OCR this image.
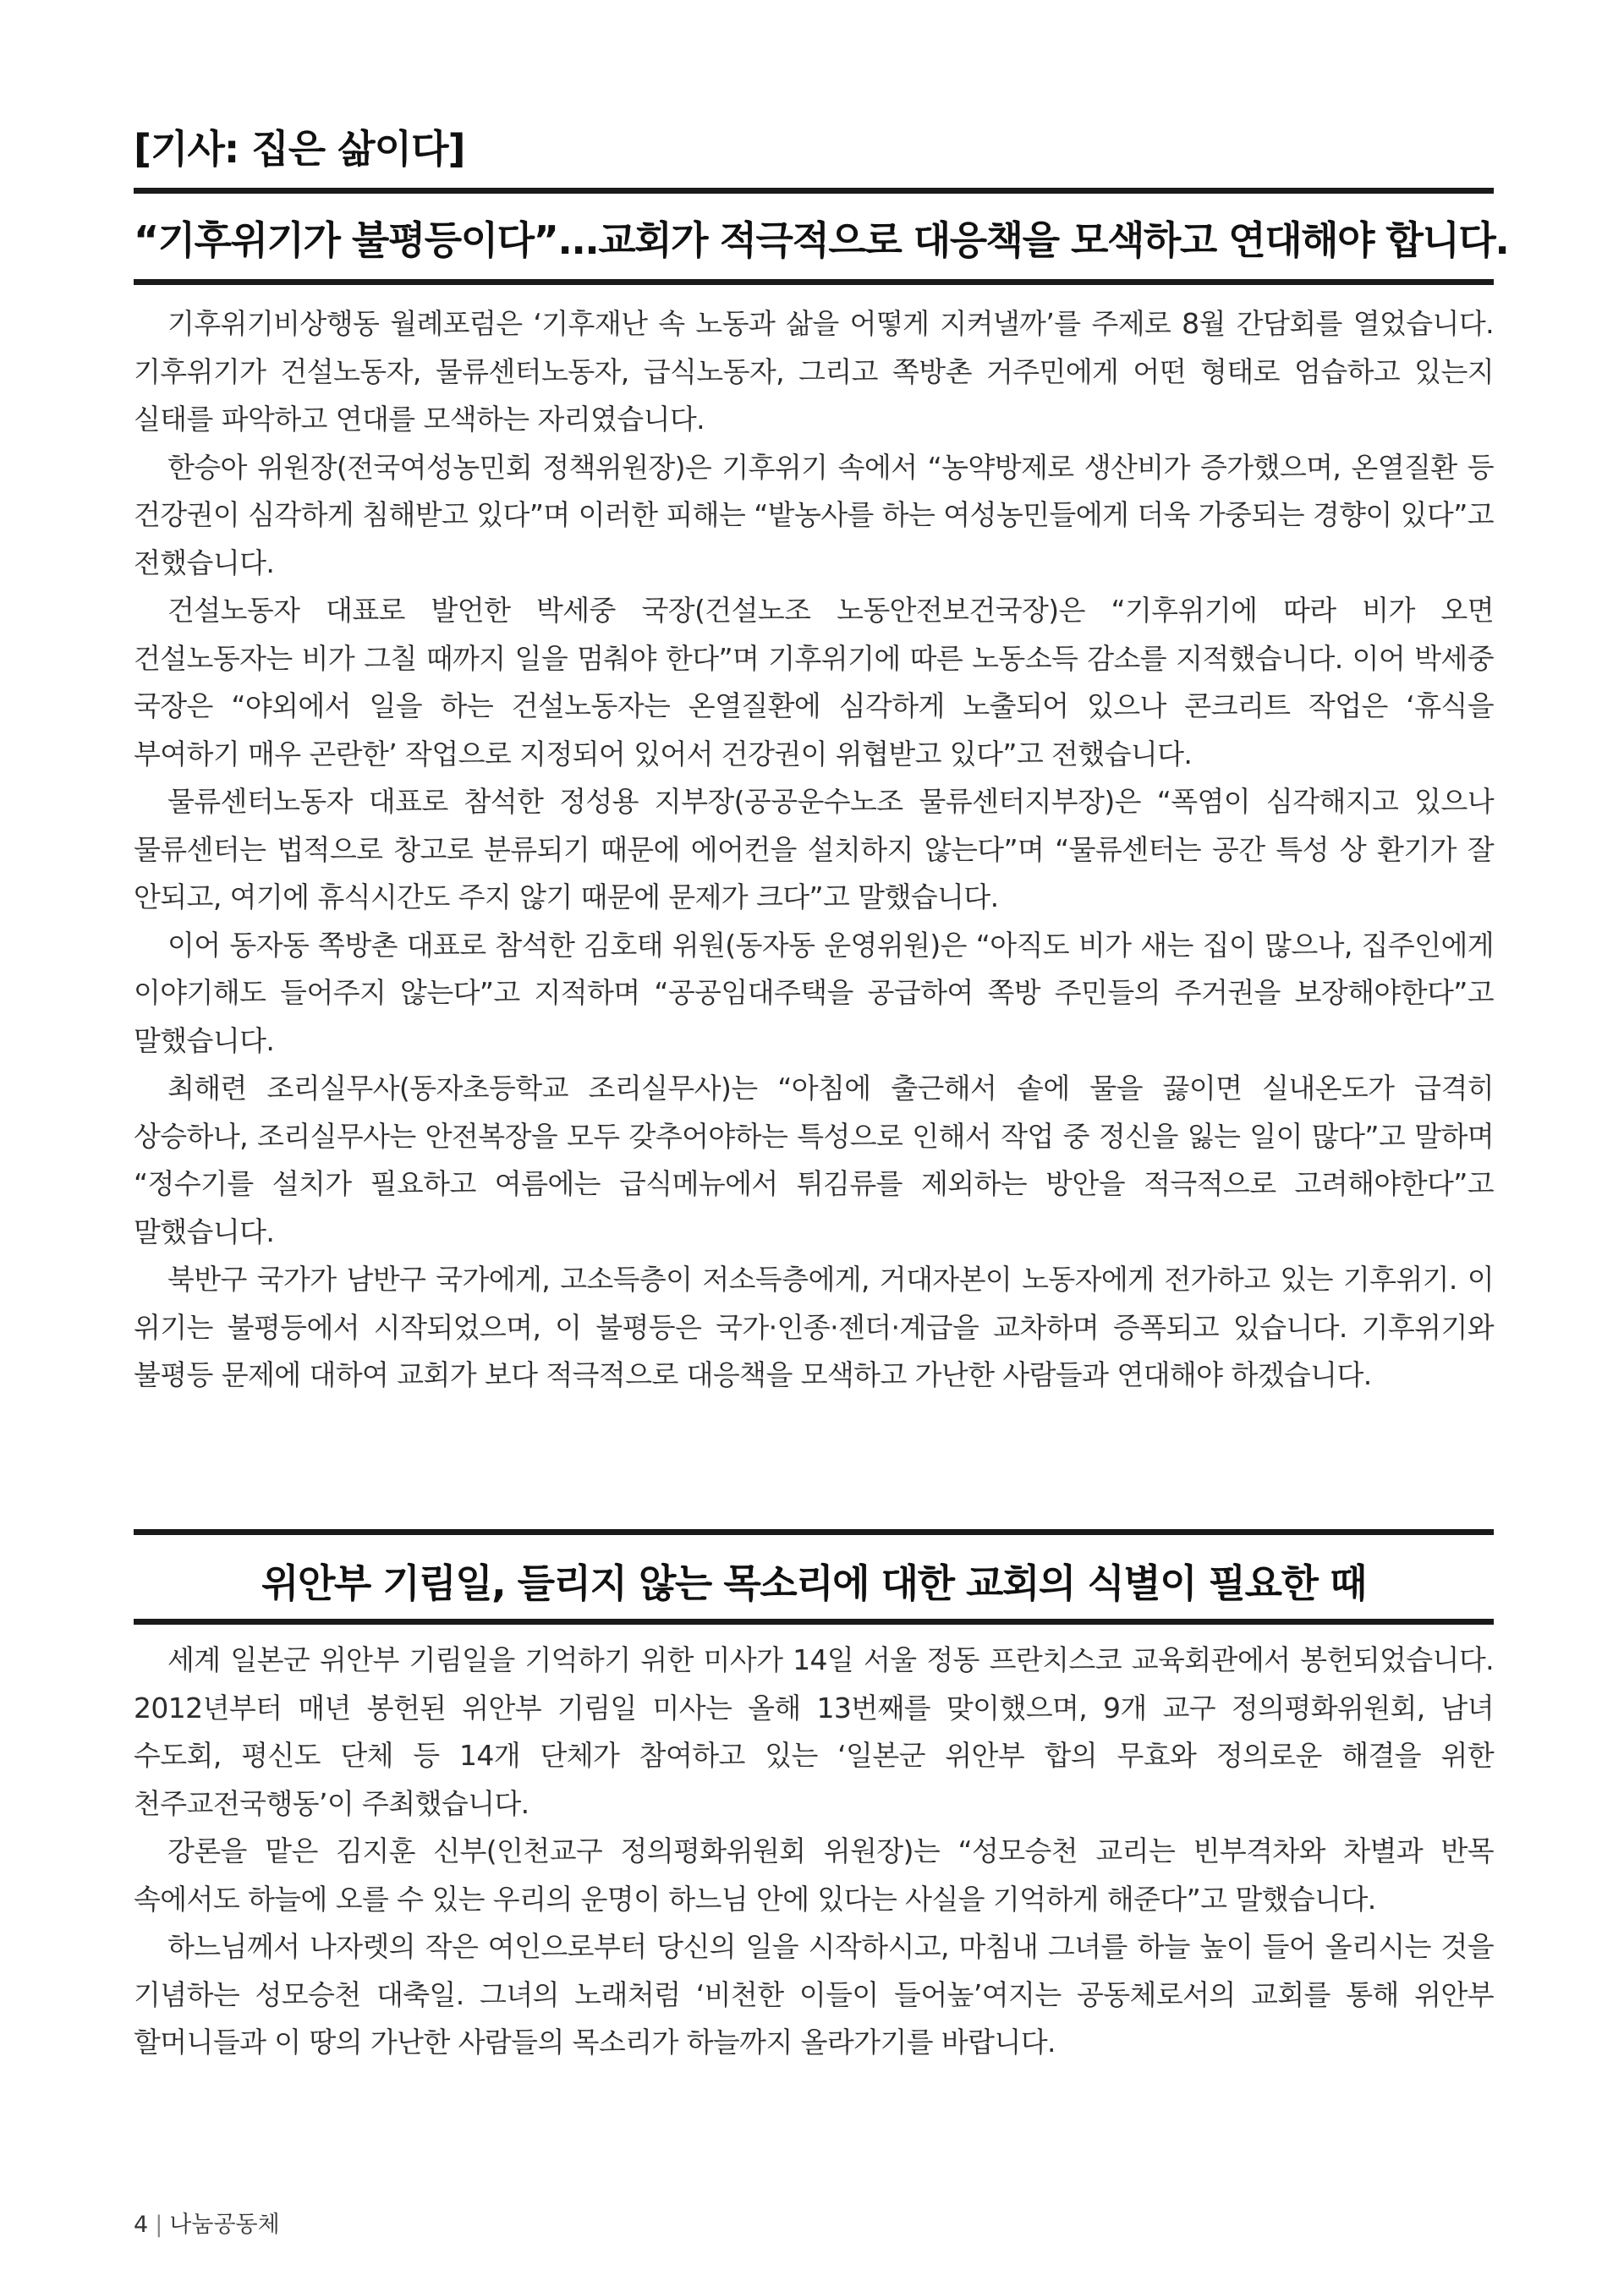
[기사: 집은 삶이다]
“기후위기가 불평등이다”...교회가 적극적으로 대응책을 모색하고 연대해야 합니다.

기후위기비상행동 월례포럼은 ‘기후재난 속 노동과 삶을 어떻게 지켜낼까’를 주제로 8월 간담회를 열었습니다. 기후위기가 건설노동자, 물류센터노동자, 급식노동자, 그리고 쪽방촌 거주민에게 어떤 형태로 엄습하고 있는지 실태를 파악하고 연대를 모색하는 자리였습니다.

한승아 위원장(전국여성농민회 정책위원장)은 기후위기 속에서 “농약방제로 생산비가 증가했으며, 온열질환 등 건강권이 심각하게 침해받고 있다”며 이러한 피해는 “밭농사를 하는 여성농민들에게 더욱 가중되는 경향이 있다”고 전했습니다.

건설노동자 대표로 발언한 박세중 국장(건설노조 노동안전보건국장)은 “기후위기에 따라 비가 오면 건설노동자는 비가 그칠 때까지 일을 멈춰야 한다”며 기후위기에 따른 노동소득 감소를 지적했습니다. 이어 박세중 국장은 “야외에서 일을 하는 건설노동자는 온열질환에 심각하게 노출되어 있으나 콘크리트 작업은 ‘휴식을 부여하기 매우 곤란한’ 작업으로 지정되어 있어서 건강권이 위협받고 있다”고 전했습니다.

물류센터노동자 대표로 참석한 정성용 지부장(공공운수노조 물류센터지부장)은 “폭염이 심각해지고 있으나 물류센터는 법적으로 창고로 분류되기 때문에 에어컨을 설치하지 않는다”며 “물류센터는 공간 특성 상 환기가 잘 안되고, 여기에 휴식시간도 주지 않기 때문에 문제가 크다”고 말했습니다.

이어 동자동 쪽방촌 대표로 참석한 김호태 위원(동자동 운영위원)은 “아직도 비가 새는 집이 많으나, 집주인에게 이야기해도 들어주지 않는다”고 지적하며 “공공임대주택을 공급하여 쪽방 주민들의 주거권을 보장해야한다”고 말했습니다.

최해련 조리실무사(동자초등학교 조리실무사)는 “아침에 출근해서 솥에 물을 끓이면 실내온도가 급격히 상승하나, 조리실무사는 안전복장을 모두 갖추어야하는 특성으로 인해서 작업 중 정신을 잃는 일이 많다”고 말하며 “정수기를 설치가 필요하고 여름에는 급식메뉴에서 튀김류를 제외하는 방안을 적극적으로 고려해야한다”고 말했습니다.

북반구 국가가 남반구 국가에게, 고소득층이 저소득층에게, 거대자본이 노동자에게 전가하고 있는 기후위기. 이 위기는 불평등에서 시작되었으며, 이 불평등은 국가·인종·젠더·계급을 교차하며 증폭되고 있습니다. 기후위기와 불평등 문제에 대하여 교회가 보다 적극적으로 대응책을 모색하고 가난한 사람들과 연대해야 하겠습니다.

위안부 기림일, 들리지 않는 목소리에 대한 교회의 식별이 필요한 때

세계 일본군 위안부 기림일을 기억하기 위한 미사가 14일 서울 정동 프란치스코 교육회관에서 봉헌되었습니다. 2012년부터 매년 봉헌된 위안부 기림일 미사는 올해 13번째를 맞이했으며, 9개 교구 정의평화위원회, 남녀 수도회, 평신도 단체 등 14개 단체가 참여하고 있는 ‘일본군 위안부 합의 무효와 정의로운 해결을 위한 천주교전국행동’이 주최했습니다.

강론을 맡은 김지훈 신부(인천교구 정의평화위원회 위원장)는 “성모승천 교리는 빈부격차와 차별과 반목 속에서도 하늘에 오를 수 있는 우리의 운명이 하느님 안에 있다는 사실을 기억하게 해준다”고 말했습니다.

하느님께서 나자렛의 작은 여인으로부터 당신의 일을 시작하시고, 마침내 그녀를 하늘 높이 들어 올리시는 것을 기념하는 성모승천 대축일. 그녀의 노래처럼 ‘비천한 이들이 들어높’여지는 공동체로서의 교회를 통해 위안부 할머니들과 이 땅의 가난한 사람들의 목소리가 하늘까지 올라가기를 바랍니다.

4 | 나눔공동체
